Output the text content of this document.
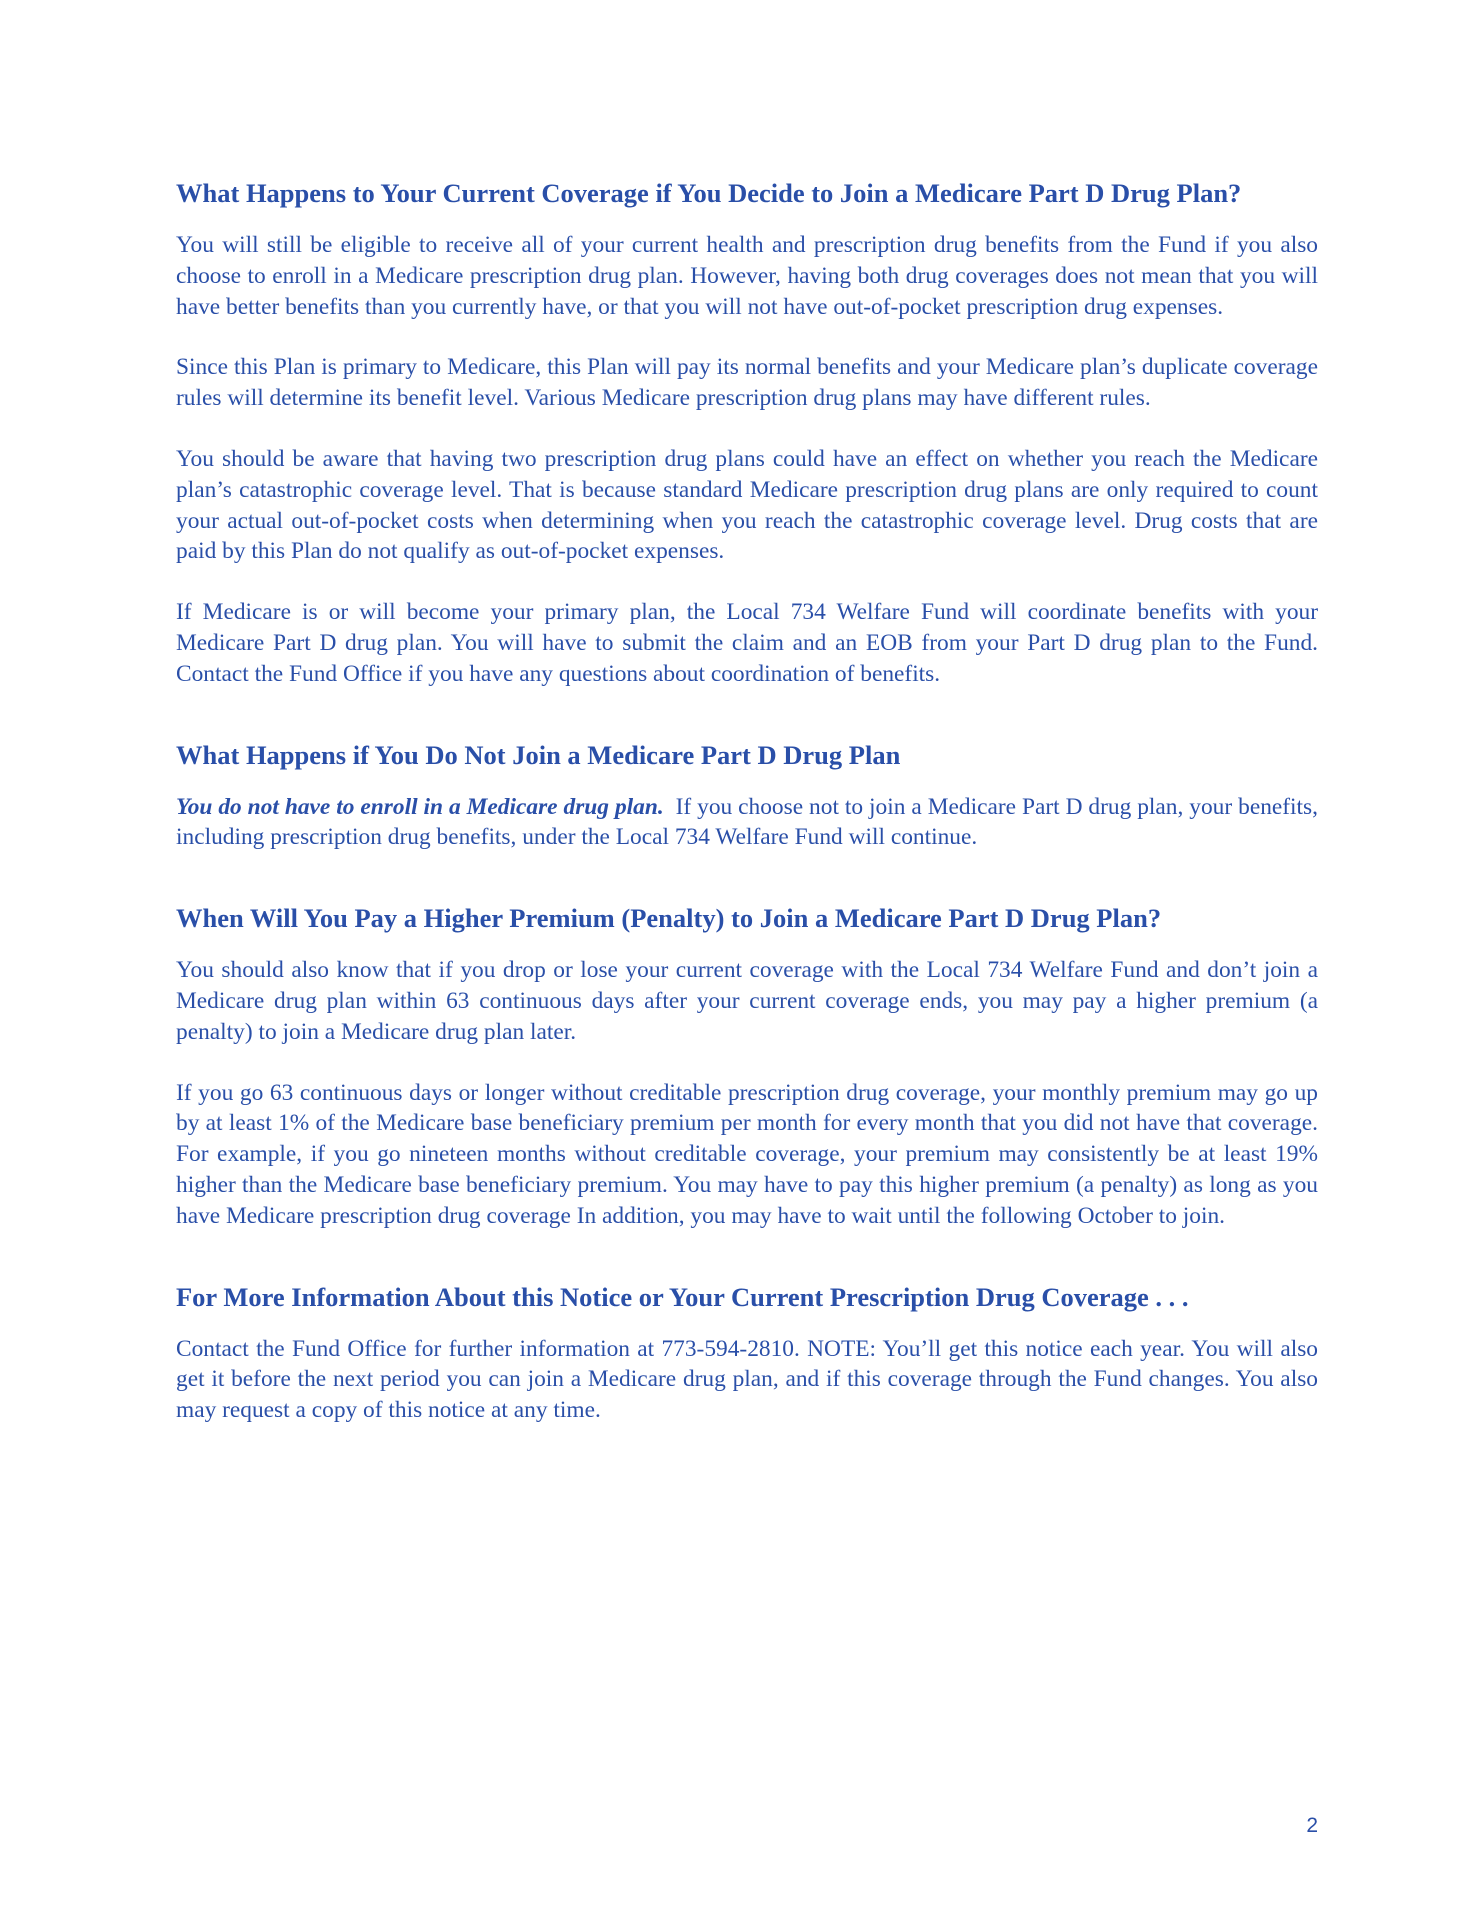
What Happens to Your Current Coverage if You Decide to Join a Medicare Part D Drug Plan?

You will still be eligible to receive all of your current health and prescription drug benefits from the Fund if you also choose to enroll in a Medicare prescription drug plan. However, having both drug coverages does not mean that you will have better benefits than you currently have, or that you will not have out-of-pocket prescription drug expenses.

Since this Plan is primary to Medicare, this Plan will pay its normal benefits and your Medicare plan’s duplicate coverage rules will determine its benefit level. Various Medicare prescription drug plans may have different rules.

You should be aware that having two prescription drug plans could have an effect on whether you reach the Medicare plan’s catastrophic coverage level. That is because standard Medicare prescription drug plans are only required to count your actual out-of-pocket costs when determining when you reach the catastrophic coverage level. Drug costs that are paid by this Plan do not qualify as out-of-pocket expenses.

If Medicare is or will become your primary plan, the Local 734 Welfare Fund will coordinate benefits with your Medicare Part D drug plan. You will have to submit the claim and an EOB from your Part D drug plan to the Fund. Contact the Fund Office if you have any questions about coordination of benefits.

What Happens if You Do Not Join a Medicare Part D Drug Plan

You do not have to enroll in a Medicare drug plan.  If you choose not to join a Medicare Part D drug plan, your benefits, including prescription drug benefits, under the Local 734 Welfare Fund will continue.

When Will You Pay a Higher Premium (Penalty) to Join a Medicare Part D Drug Plan?

You should also know that if you drop or lose your current coverage with the Local 734 Welfare Fund and don’t join a Medicare drug plan within 63 continuous days after your current coverage ends, you may pay a higher premium (a penalty) to join a Medicare drug plan later.

If you go 63 continuous days or longer without creditable prescription drug coverage, your monthly premium may go up by at least 1% of the Medicare base beneficiary premium per month for every month that you did not have that coverage. For example, if you go nineteen months without creditable coverage, your premium may consistently be at least 19% higher than the Medicare base beneficiary premium. You may have to pay this higher premium (a penalty) as long as you have Medicare prescription drug coverage In addition, you may have to wait until the following October to join.

For More Information About this Notice or Your Current Prescription Drug Coverage . . .

Contact the Fund Office for further information at 773-594-2810. NOTE: You’ll get this notice each year. You will also get it before the next period you can join a Medicare drug plan, and if this coverage through the Fund changes. You also may request a copy of this notice at any time.

2
